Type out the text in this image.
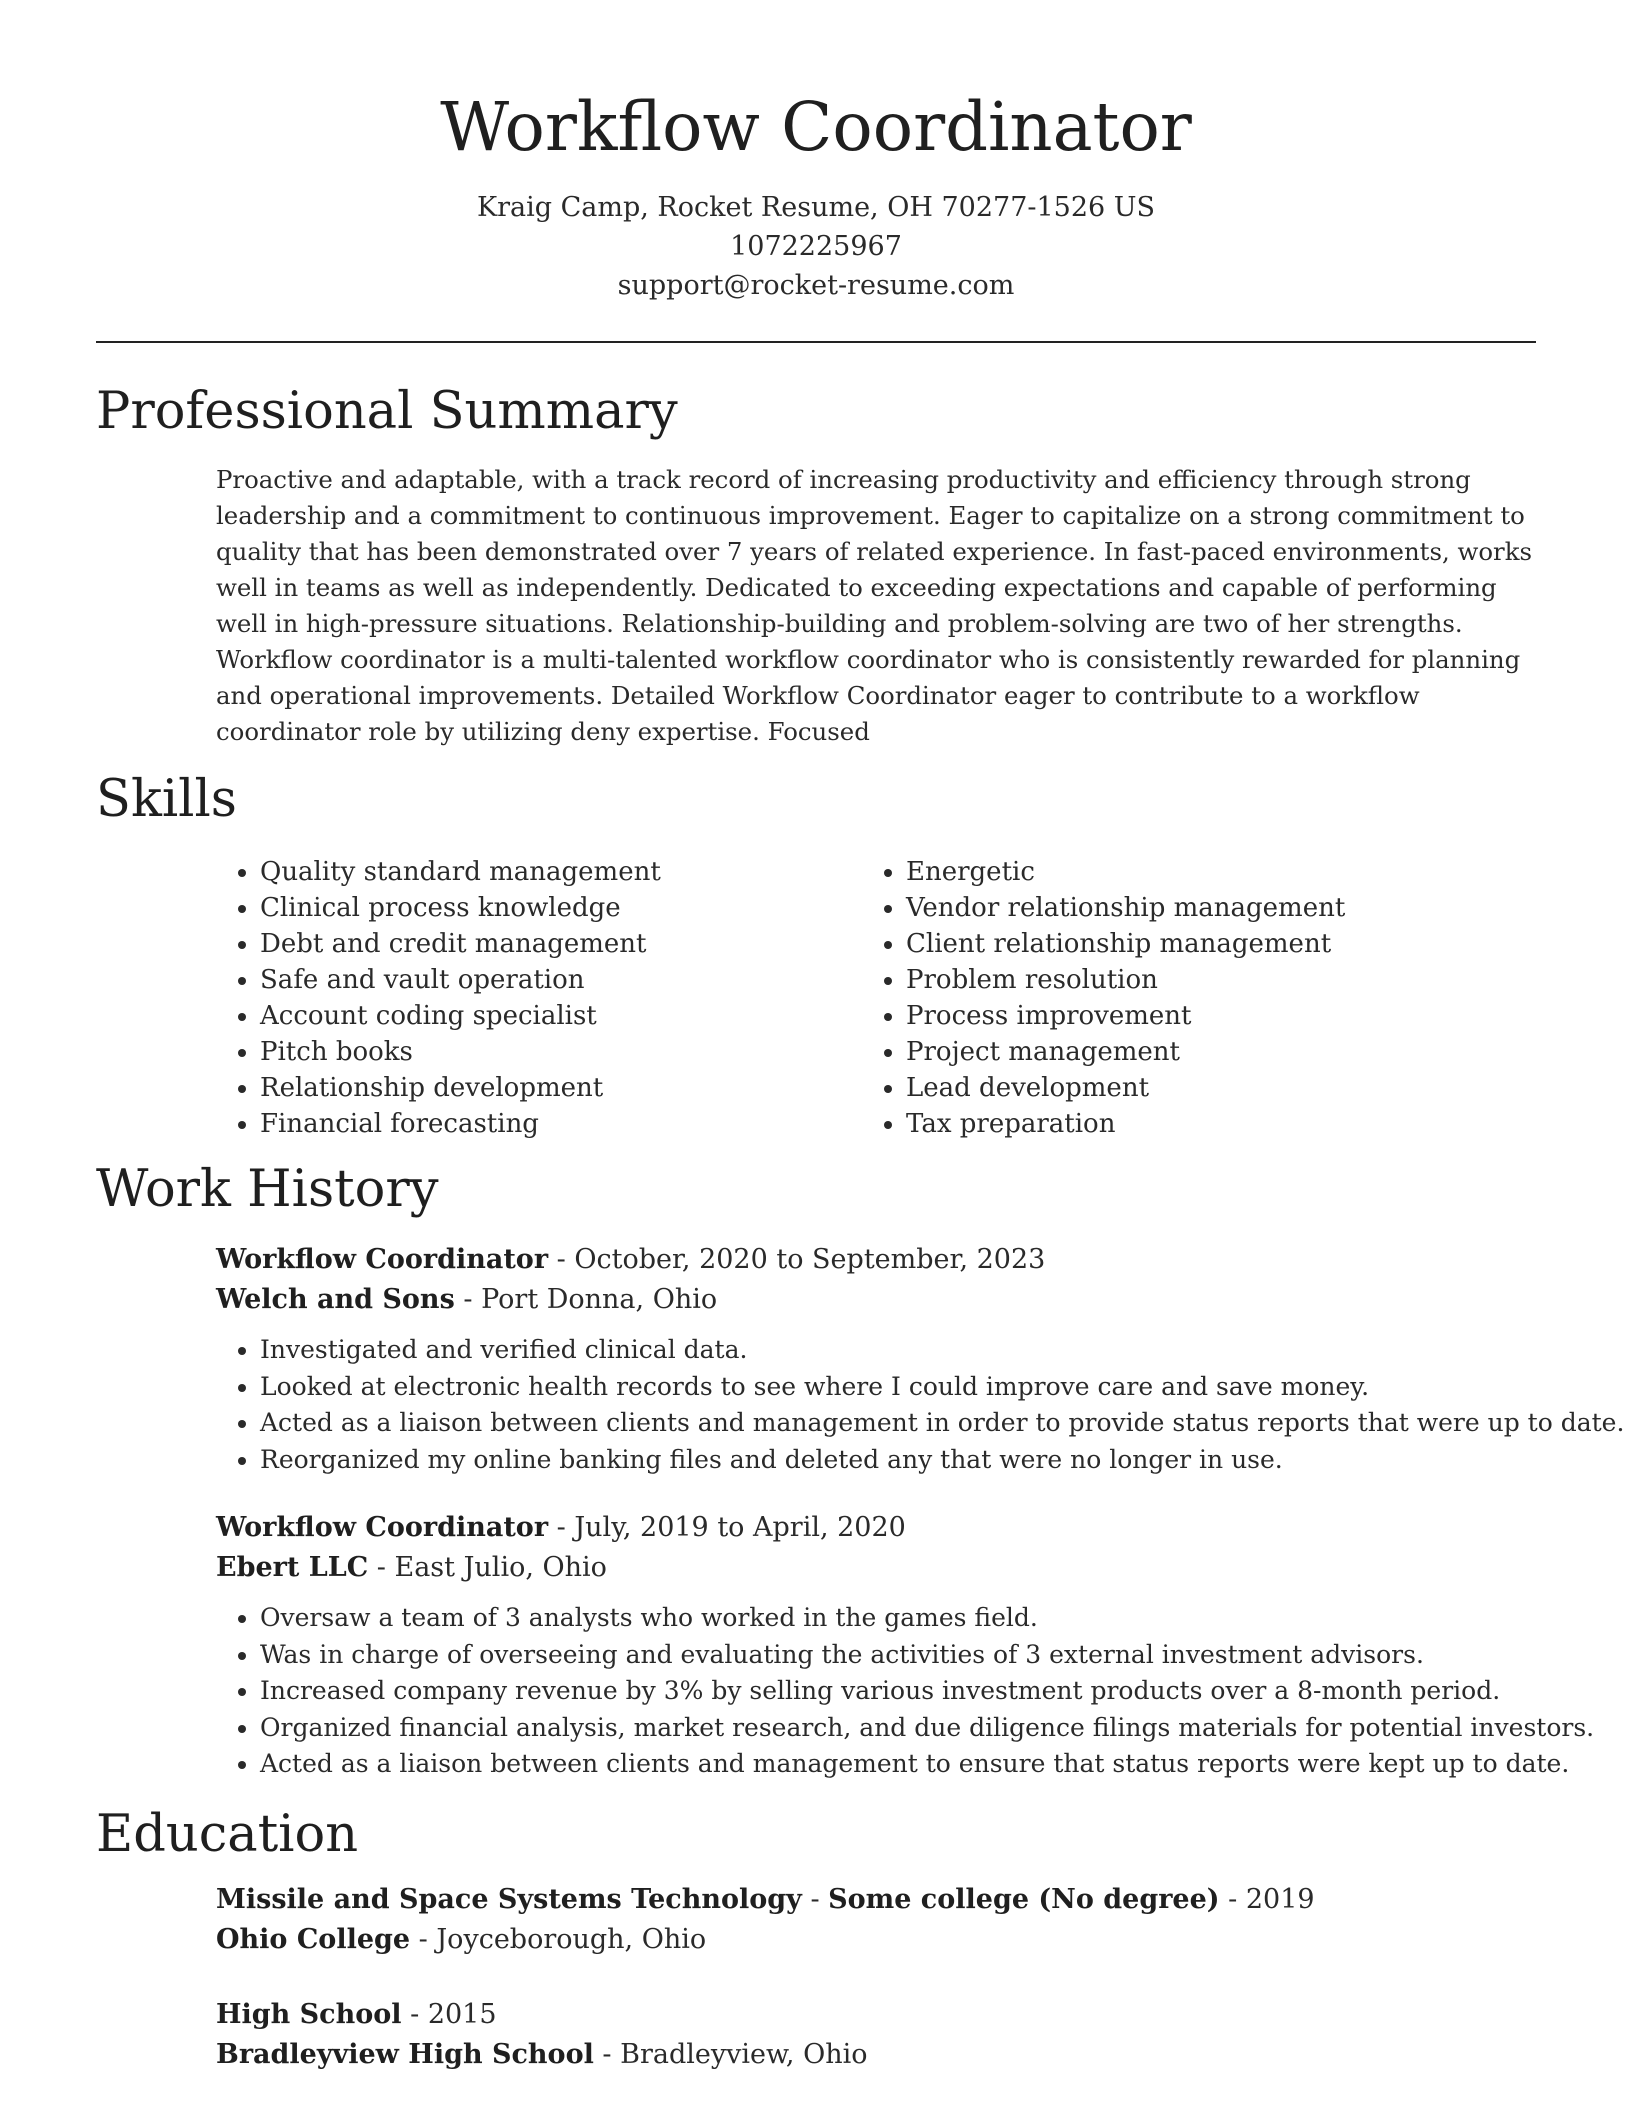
Workflow Coordinator
Kraig Camp, Rocket Resume, OH 70277-1526 US
1072225967
support@rocket-resume.com
Professional Summary
Proactive and adaptable, with a track record of increasing productivity and efficiency through strong leadership and a commitment to continuous improvement. Eager to capitalize on a strong commitment to quality that has been demonstrated over 7 years of related experience. In fast-paced environments, works well in teams as well as independently. Dedicated to exceeding expectations and capable of performing well in high-pressure situations. Relationship-building and problem-solving are two of her strengths. Workflow coordinator is a multi-talented workflow coordinator who is consistently rewarded for planning and operational improvements. Detailed Workflow Coordinator eager to contribute to a workflow coordinator role by utilizing deny expertise. Focused
Skills
• Quality standard management
• Clinical process knowledge
• Debt and credit management
• Safe and vault operation
• Account coding specialist
• Pitch books
• Relationship development
• Financial forecasting
• Energetic
• Vendor relationship management
• Client relationship management
• Problem resolution
• Process improvement
• Project management
• Lead development
• Tax preparation
Work History
Workflow Coordinator - October, 2020 to September, 2023
Welch and Sons - Port Donna, Ohio
• Investigated and verified clinical data.
• Looked at electronic health records to see where I could improve care and save money.
• Acted as a liaison between clients and management in order to provide status reports that were up to date.
• Reorganized my online banking files and deleted any that were no longer in use.
Workflow Coordinator - July, 2019 to April, 2020
Ebert LLC - East Julio, Ohio
• Oversaw a team of 3 analysts who worked in the games field.
• Was in charge of overseeing and evaluating the activities of 3 external investment advisors.
• Increased company revenue by 3% by selling various investment products over a 8-month period.
• Organized financial analysis, market research, and due diligence filings materials for potential investors.
• Acted as a liaison between clients and management to ensure that status reports were kept up to date.
Education
Missile and Space Systems Technology - Some college (No degree) - 2019
Ohio College - Joyceborough, Ohio
High School - 2015
Bradleyview High School - Bradleyview, Ohio
